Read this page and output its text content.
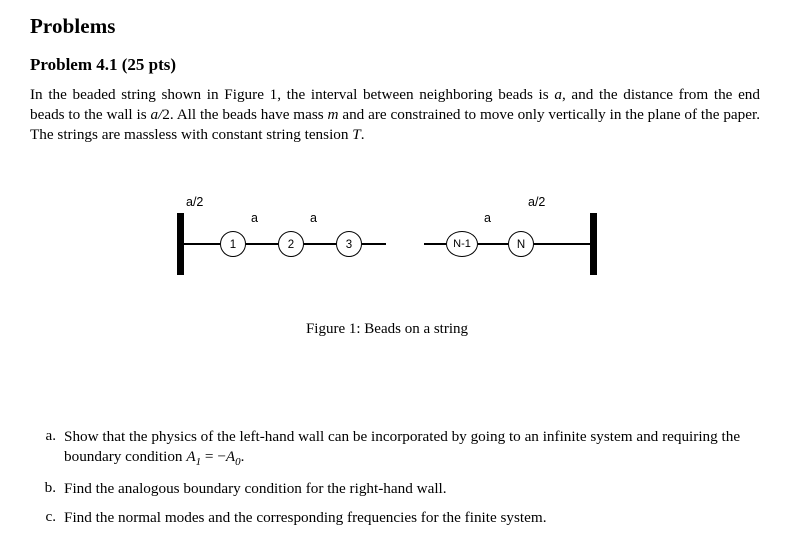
Problems
Problem 4.1 (25 pts)

In the beaded string shown in Figure 1, the interval between neighboring beads is a, and the distance from the end beads to the wall is a/2. All the beads have mass m and are constrained to move only vertically in the plane of the paper. The strings are massless with constant string tension T.

1	2	3	N-1	N
a/2
a	a	a
a/2
Figure 1: Beads on a string
a. Show that the physics of the left-hand wall can be incorporated by going to an infinite system and requiring the boundary condition $A_1 = -A_0$.
b. Find the analogous boundary condition for the right-hand wall.
c. Find the normal modes and the corresponding frequencies for the finite system.
